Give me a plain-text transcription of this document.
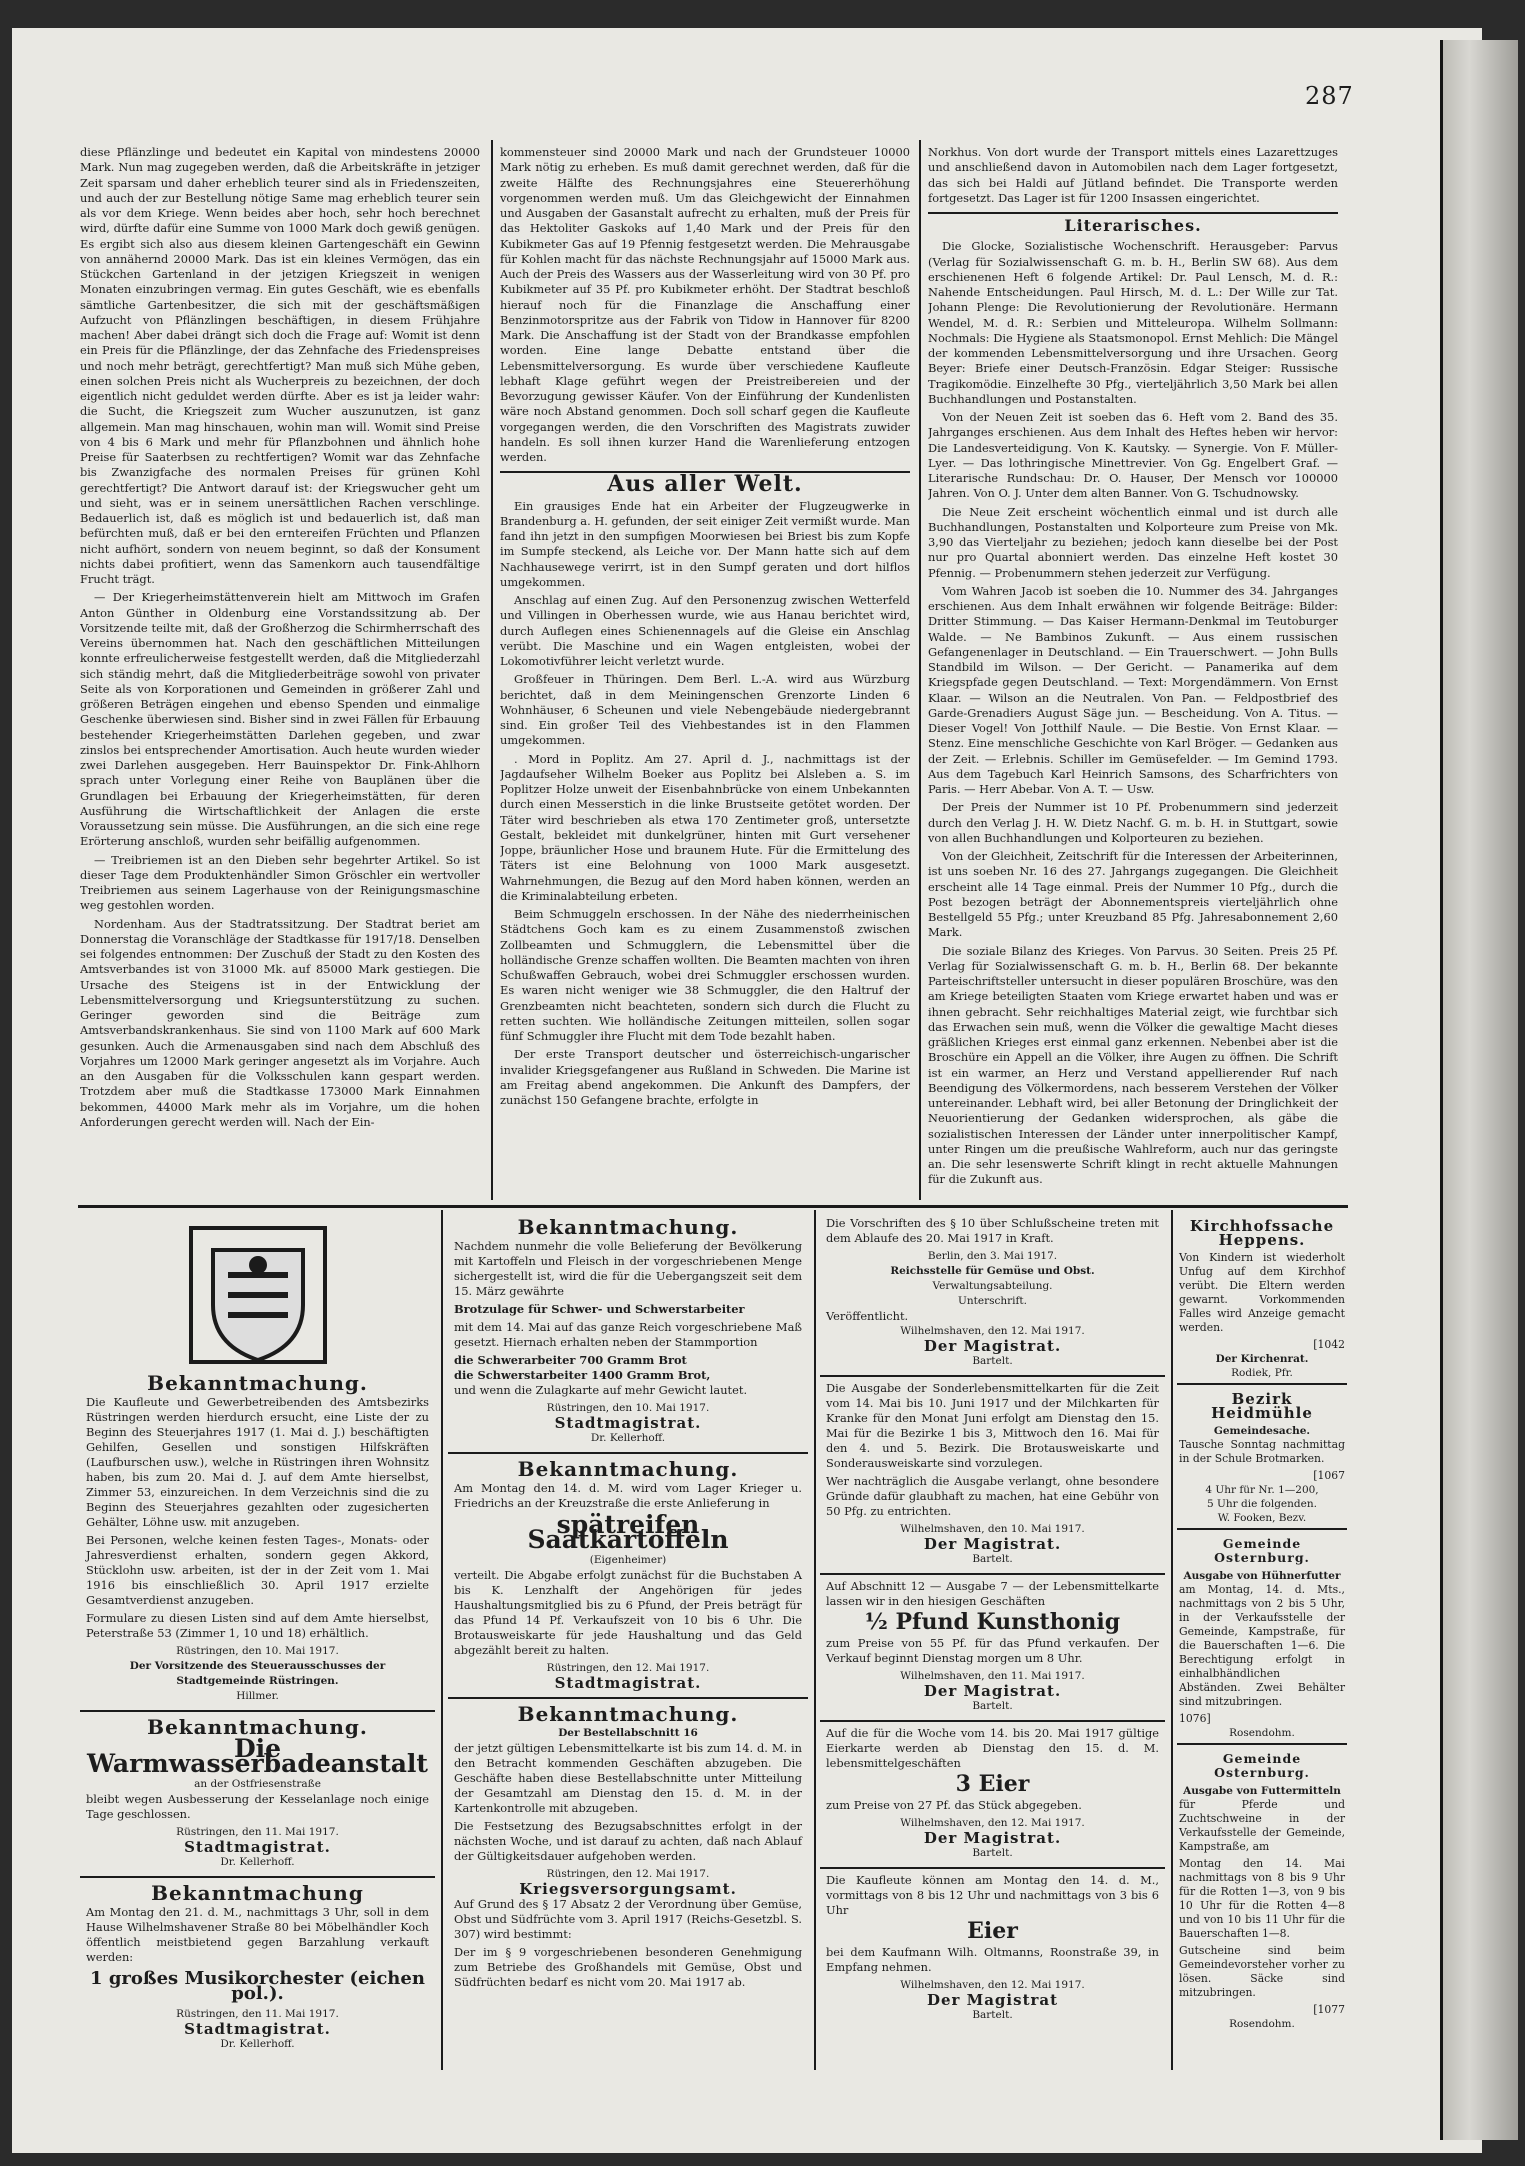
287

diese Pflänzlinge und bedeutet ein Kapital von mindestens 20000 Mark. Nun mag zugegeben werden, daß die Arbeitskräfte in jetziger Zeit sparsam und daher erheblich teurer sind als in Friedenszeiten, und auch der zur Bestellung nötige Same mag erheblich teurer sein als vor dem Kriege. Wenn beides aber hoch, sehr hoch berechnet wird, dürfte dafür eine Summe von 1000 Mark doch gewiß genügen. Es ergibt sich also aus diesem kleinen Gartengeschäft ein Gewinn von annähernd 20000 Mark. Das ist ein kleines Vermögen, das ein Stückchen Gartenland in der jetzigen Kriegszeit in wenigen Monaten einzubringen vermag. Ein gutes Geschäft, wie es ebenfalls sämtliche Gartenbesitzer, die sich mit der geschäftsmäßigen Aufzucht von Pflänzlingen beschäftigen, in diesem Frühjahre machen! Aber dabei drängt sich doch die Frage auf: Womit ist denn ein Preis für die Pflänzlinge, der das Zehnfache des Friedenspreises und noch mehr beträgt, gerechtfertigt? Man muß sich Mühe geben, einen solchen Preis nicht als Wucherpreis zu bezeichnen, der doch eigentlich nicht geduldet werden dürfte. Aber es ist ja leider wahr: die Sucht, die Kriegszeit zum Wucher auszunutzen, ist ganz allgemein. Man mag hinschauen, wohin man will. Womit sind Preise von 4 bis 6 Mark und mehr für Pflanzbohnen und ähnlich hohe Preise für Saaterbsen zu rechtfertigen? Womit war das Zehnfache bis Zwanzigfache des normalen Preises für grünen Kohl gerechtfertigt? Die Antwort darauf ist: der Kriegswucher geht um und sieht, was er in seinem unersättlichen Rachen verschlinge. Bedauerlich ist, daß es möglich ist und bedauerlich ist, daß man befürchten muß, daß er bei den erntereifen Früchten und Pflanzen nicht aufhört, sondern von neuem beginnt, so daß der Konsument nichts dabei profitiert, wenn das Samenkorn auch tausendfältige Frucht trägt.

— Der Kriegerheimstättenverein hielt am Mittwoch im Grafen Anton Günther in Oldenburg eine Vorstandssitzung ab. Der Vorsitzende teilte mit, daß der Großherzog die Schirmherrschaft des Vereins übernommen hat. Nach den geschäftlichen Mitteilungen konnte erfreulicherweise festgestellt werden, daß die Mitgliederzahl sich ständig mehrt, daß die Mitgliederbeiträge sowohl von privater Seite als von Korporationen und Gemeinden in größerer Zahl und größeren Beträgen eingehen und ebenso Spenden und einmalige Geschenke überwiesen sind. Bisher sind in zwei Fällen für Erbauung bestehender Kriegerheimstätten Darlehen gegeben, und zwar zinslos bei entsprechender Amortisation. Auch heute wurden wieder zwei Darlehen ausgegeben. Herr Bauinspektor Dr. Fink-Ahlhorn sprach unter Vorlegung einer Reihe von Bauplänen über die Grundlagen bei Erbauung der Kriegerheimstätten, für deren Ausführung die Wirtschaftlichkeit der Anlagen die erste Voraussetzung sein müsse. Die Ausführungen, an die sich eine rege Erörterung anschloß, wurden sehr beifällig aufgenommen.

— Treibriemen ist an den Dieben sehr begehrter Artikel. So ist dieser Tage dem Produktenhändler Simon Gröschler ein wertvoller Treibriemen aus seinem Lagerhause von der Reinigungsmaschine weg gestohlen worden.

Nordenham. Aus der Stadtratssitzung. Der Stadtrat beriet am Donnerstag die Voranschläge der Stadtkasse für 1917/18. Denselben sei folgendes entnommen: Der Zuschuß der Stadt zu den Kosten des Amtsverbandes ist von 31000 Mk. auf 85000 Mark gestiegen. Die Ursache des Steigens ist in der Entwicklung der Lebensmittelversorgung und Kriegsunterstützung zu suchen. Geringer geworden sind die Beiträge zum Amtsverbandskrankenhaus. Sie sind von 1100 Mark auf 600 Mark gesunken. Auch die Armenausgaben sind nach dem Abschluß des Vorjahres um 12000 Mark geringer angesetzt als im Vorjahre. Auch an den Ausgaben für die Volksschulen kann gespart werden. Trotzdem aber muß die Stadtkasse 173000 Mark Einnahmen bekommen, 44000 Mark mehr als im Vorjahre, um die hohen Anforderungen gerecht werden will. Nach der Ein-

kommensteuer sind 20000 Mark und nach der Grundsteuer 10000 Mark nötig zu erheben. Es muß damit gerechnet werden, daß für die zweite Hälfte des Rechnungsjahres eine Steuererhöhung vorgenommen werden muß. Um das Gleichgewicht der Einnahmen und Ausgaben der Gasanstalt aufrecht zu erhalten, muß der Preis für das Hektoliter Gaskoks auf 1,40 Mark und der Preis für den Kubikmeter Gas auf 19 Pfennig festgesetzt werden. Die Mehrausgabe für Kohlen macht für das nächste Rechnungsjahr auf 15000 Mark aus. Auch der Preis des Wassers aus der Wasserleitung wird von 30 Pf. pro Kubikmeter auf 35 Pf. pro Kubikmeter erhöht. Der Stadtrat beschloß hierauf noch für die Finanzlage die Anschaffung einer Benzinmotorspritze aus der Fabrik von Tidow in Hannover für 8200 Mark. Die Anschaffung ist der Stadt von der Brandkasse empfohlen worden. Eine lange Debatte entstand über die Lebensmittelversorgung. Es wurde über verschiedene Kaufleute lebhaft Klage geführt wegen der Preistreibereien und der Bevorzugung gewisser Käufer. Von der Einführung der Kundenlisten wäre noch Abstand genommen. Doch soll scharf gegen die Kaufleute vorgegangen werden, die den Vorschriften des Magistrats zuwider handeln. Es soll ihnen kurzer Hand die Warenlieferung entzogen werden.

Aus aller Welt.

Ein grausiges Ende hat ein Arbeiter der Flugzeugwerke in Brandenburg a. H. gefunden, der seit einiger Zeit vermißt wurde. Man fand ihn jetzt in den sumpfigen Moorwiesen bei Briest bis zum Kopfe im Sumpfe steckend, als Leiche vor. Der Mann hatte sich auf dem Nachhausewege verirrt, ist in den Sumpf geraten und dort hilflos umgekommen.

Anschlag auf einen Zug. Auf den Personenzug zwischen Wetterfeld und Villingen in Oberhessen wurde, wie aus Hanau berichtet wird, durch Auflegen eines Schienennagels auf die Gleise ein Anschlag verübt. Die Maschine und ein Wagen entgleisten, wobei der Lokomotivführer leicht verletzt wurde.

Großfeuer in Thüringen. Dem Berl. L.-A. wird aus Würzburg berichtet, daß in dem Meiningenschen Grenzorte Linden 6 Wohnhäuser, 6 Scheunen und viele Nebengebäude niedergebrannt sind. Ein großer Teil des Viehbestandes ist in den Flammen umgekommen.

. Mord in Poplitz. Am 27. April d. J., nachmittags ist der Jagdaufseher Wilhelm Boeker aus Poplitz bei Alsleben a. S. im Poplitzer Holze unweit der Eisenbahnbrücke von einem Unbekannten durch einen Messerstich in die linke Brustseite getötet worden. Der Täter wird beschrieben als etwa 170 Zentimeter groß, untersetzte Gestalt, bekleidet mit dunkelgrüner, hinten mit Gurt versehener Joppe, bräunlicher Hose und braunem Hute. Für die Ermittelung des Täters ist eine Belohnung von 1000 Mark ausgesetzt. Wahrnehmungen, die Bezug auf den Mord haben können, werden an die Kriminalabteilung erbeten.

Beim Schmuggeln erschossen. In der Nähe des niederrheinischen Städtchens Goch kam es zu einem Zusammenstoß zwischen Zollbeamten und Schmugglern, die Lebensmittel über die holländische Grenze schaffen wollten. Die Beamten machten von ihren Schußwaffen Gebrauch, wobei drei Schmuggler erschossen wurden. Es waren nicht weniger wie 38 Schmuggler, die den Haltruf der Grenzbeamten nicht beachteten, sondern sich durch die Flucht zu retten suchten. Wie holländische Zeitungen mitteilen, sollen sogar fünf Schmuggler ihre Flucht mit dem Tode bezahlt haben.

Der erste Transport deutscher und österreichisch-ungarischer invalider Kriegsgefangener aus Rußland in Schweden. Die Marine ist am Freitag abend angekommen. Die Ankunft des Dampfers, der zunächst 150 Gefangene brachte, erfolgte in

Norkhus. Von dort wurde der Transport mittels eines Lazarettzuges und anschließend davon in Automobilen nach dem Lager fortgesetzt, das sich bei Haldi auf Jütland befindet. Die Transporte werden fortgesetzt. Das Lager ist für 1200 Insassen eingerichtet.

Literarisches.

Die Glocke, Sozialistische Wochenschrift. Herausgeber: Parvus (Verlag für Sozialwissenschaft G. m. b. H., Berlin SW 68). Aus dem erschienenen Heft 6 folgende Artikel: Dr. Paul Lensch, M. d. R.: Nahende Entscheidungen. Paul Hirsch, M. d. L.: Der Wille zur Tat. Johann Plenge: Die Revolutionierung der Revolutionäre. Hermann Wendel, M. d. R.: Serbien und Mitteleuropa. Wilhelm Sollmann: Nochmals: Die Hygiene als Staatsmonopol. Ernst Mehlich: Die Mängel der kommenden Lebensmittelversorgung und ihre Ursachen. Georg Beyer: Briefe einer Deutsch-Französin. Edgar Steiger: Russische Tragikomödie. Einzelhefte 30 Pfg., vierteljährlich 3,50 Mark bei allen Buchhandlungen und Postanstalten.

Von der Neuen Zeit ist soeben das 6. Heft vom 2. Band des 35. Jahrganges erschienen. Aus dem Inhalt des Heftes heben wir hervor: Die Landesverteidigung. Von K. Kautsky. — Synergie. Von F. Müller-Lyer. — Das lothringische Minettrevier. Von Gg. Engelbert Graf. — Literarische Rundschau: Dr. O. Hauser, Der Mensch vor 100000 Jahren. Von O. J. Unter dem alten Banner. Von G. Tschudnowsky.

Die Neue Zeit erscheint wöchentlich einmal und ist durch alle Buchhandlungen, Postanstalten und Kolporteure zum Preise von Mk. 3,90 das Vierteljahr zu beziehen; jedoch kann dieselbe bei der Post nur pro Quartal abonniert werden. Das einzelne Heft kostet 30 Pfennig. — Probenummern stehen jederzeit zur Verfügung.

Vom Wahren Jacob ist soeben die 10. Nummer des 34. Jahrganges erschienen. Aus dem Inhalt erwähnen wir folgende Beiträge: Bilder: Dritter Stimmung. — Das Kaiser Hermann-Denkmal im Teutoburger Walde. — Ne Bambinos Zukunft. — Aus einem russischen Gefangenenlager in Deutschland. — Ein Trauerschwert. — John Bulls Standbild im Wilson. — Der Gericht. — Panamerika auf dem Kriegspfade gegen Deutschland. — Text: Morgendämmern. Von Ernst Klaar. — Wilson an die Neutralen. Von Pan. — Feldpostbrief des Garde-Grenadiers August Säge jun. — Bescheidung. Von A. Titus. — Dieser Vogel! Von Jotthilf Naule. — Die Bestie. Von Ernst Klaar. — Stenz. Eine menschliche Geschichte von Karl Bröger. — Gedanken aus der Zeit. — Erlebnis. Schiller im Gemüsefelder. — Im Gemind 1793. Aus dem Tagebuch Karl Heinrich Samsons, des Scharfrichters von Paris. — Herr Abebar. Von A. T. — Usw.

Der Preis der Nummer ist 10 Pf. Probenummern sind jederzeit durch den Verlag J. H. W. Dietz Nachf. G. m. b. H. in Stuttgart, sowie von allen Buchhandlungen und Kolporteuren zu beziehen.

Von der Gleichheit, Zeitschrift für die Interessen der Arbeiterinnen, ist uns soeben Nr. 16 des 27. Jahrgangs zugegangen. Die Gleichheit erscheint alle 14 Tage einmal. Preis der Nummer 10 Pfg., durch die Post bezogen beträgt der Abonnementspreis vierteljährlich ohne Bestellgeld 55 Pfg.; unter Kreuzband 85 Pfg. Jahresabonnement 2,60 Mark.

Die soziale Bilanz des Krieges. Von Parvus. 30 Seiten. Preis 25 Pf. Verlag für Sozialwissenschaft G. m. b. H., Berlin 68. Der bekannte Parteischriftsteller untersucht in dieser populären Broschüre, was den am Kriege beteiligten Staaten vom Kriege erwartet haben und was er ihnen gebracht. Sehr reichhaltiges Material zeigt, wie furchtbar sich das Erwachen sein muß, wenn die Völker die gewaltige Macht dieses gräßlichen Krieges erst einmal ganz erkennen. Nebenbei aber ist die Broschüre ein Appell an die Völker, ihre Augen zu öffnen. Die Schrift ist ein warmer, an Herz und Verstand appellierender Ruf nach Beendigung des Völkermordens, nach besserem Verstehen der Völker untereinander. Lebhaft wird, bei aller Betonung der Dringlichkeit der Neuorientierung der Gedanken widersprochen, als gäbe die sozialistischen Interessen der Länder unter innerpolitischer Kampf, unter Ringen um die preußische Wahlreform, auch nur das geringste an. Die sehr lesenswerte Schrift klingt in recht aktuelle Mahnungen für die Zukunft aus.

Bekanntmachung.

Die Kaufleute und Gewerbetreibenden des Amtsbezirks Rüstringen werden hierdurch ersucht, eine Liste der zu Beginn des Steuerjahres 1917 (1. Mai d. J.) beschäftigten Gehilfen, Gesellen und sonstigen Hilfskräften (Laufburschen usw.), welche in Rüstringen ihren Wohnsitz haben, bis zum 20. Mai d. J. auf dem Amte hierselbst, Zimmer 53, einzureichen. In dem Verzeichnis sind die zu Beginn des Steuerjahres gezahlten oder zugesicherten Gehälter, Löhne usw. mit anzugeben.

Bei Personen, welche keinen festen Tages-, Monats- oder Jahresverdienst erhalten, sondern gegen Akkord, Stücklohn usw. arbeiten, ist der in der Zeit vom 1. Mai 1916 bis einschließlich 30. April 1917 erzielte Gesamtverdienst anzugeben.

Formulare zu diesen Listen sind auf dem Amte hierselbst, Peterstraße 53 (Zimmer 1, 10 und 18) erhältlich.

Rüstringen, den 10. Mai 1917.
Der Vorsitzende des Steuerausschusses der Stadtgemeinde Rüstringen.
Hillmer.
Bekanntmachung.
Die Warmwasserbadeanstalt
an der Ostfriesenstraße

bleibt wegen Ausbesserung der Kesselanlage noch einige Tage geschlossen.

Rüstringen, den 11. Mai 1917.
Stadtmagistrat.
Dr. Kellerhoff.
Bekanntmachung

Am Montag den 21. d. M., nachmittags 3 Uhr, soll in dem Hause Wilhelmshavener Straße 80 bei Möbelhändler Koch öffentlich meistbietend gegen Barzahlung verkauft werden:

1 großes Musikorchester (eichen pol.).
Rüstringen, den 11. Mai 1917.
Stadtmagistrat.
Dr. Kellerhoff.
Bekanntmachung.

Nachdem nunmehr die volle Belieferung der Bevölkerung mit Kartoffeln und Fleisch in der vorgeschriebenen Menge sichergestellt ist, wird die für die Uebergangszeit seit dem 15. März gewährte

Brotzulage für Schwer- und Schwerstarbeiter

mit dem 14. Mai auf das ganze Reich vorgeschriebene Maß gesetzt. Hiernach erhalten neben der Stammportion

die Schwerarbeiter 700 Gramm Brot
die Schwerstarbeiter 1400 Gramm Brot,

und wenn die Zulagkarte auf mehr Gewicht lautet.

Rüstringen, den 10. Mai 1917.
Stadtmagistrat.
Dr. Kellerhoff.
Bekanntmachung.

Am Montag den 14. d. M. wird vom Lager Krieger u. Friedrichs an der Kreuzstraße die erste Anlieferung in

spätreifen Saatkartoffeln
(Eigenheimer)

verteilt. Die Abgabe erfolgt zunächst für die Buchstaben A bis K. Lenzhalft der Angehörigen für jedes Haushaltungsmitglied bis zu 6 Pfund, der Preis beträgt für das Pfund 14 Pf. Verkaufszeit von 10 bis 6 Uhr. Die Brotausweiskarte für jede Haushaltung und das Geld abgezählt bereit zu halten.

Rüstringen, den 12. Mai 1917.
Stadtmagistrat.
Bekanntmachung.
Der Bestellabschnitt 16

der jetzt gültigen Lebensmittelkarte ist bis zum 14. d. M. in den Betracht kommenden Geschäften abzugeben. Die Geschäfte haben diese Bestellabschnitte unter Mitteilung der Gesamtzahl am Dienstag den 15. d. M. in der Kartenkontrolle mit abzugeben.

Die Festsetzung des Bezugsabschnittes erfolgt in der nächsten Woche, und ist darauf zu achten, daß nach Ablauf der Gültigkeitsdauer aufgehoben werden.

Rüstringen, den 12. Mai 1917.
Kriegsversorgungsamt.

Auf Grund des § 17 Absatz 2 der Verordnung über Gemüse, Obst und Südfrüchte vom 3. April 1917 (Reichs-Gesetzbl. S. 307) wird bestimmt:

Der im § 9 vorgeschriebenen besonderen Genehmigung zum Betriebe des Großhandels mit Gemüse, Obst und Südfrüchten bedarf es nicht vom 20. Mai 1917 ab.

Die Vorschriften des § 10 über Schlußscheine treten mit dem Ablaufe des 20. Mai 1917 in Kraft.

Berlin, den 3. Mai 1917.
Reichsstelle für Gemüse und Obst.
Verwaltungsabteilung.
Unterschrift.
Veröffentlicht.
Wilhelmshaven, den 12. Mai 1917.
Der Magistrat.
Bartelt.

Die Ausgabe der Sonderlebensmittelkarten für die Zeit vom 14. Mai bis 10. Juni 1917 und der Milchkarten für Kranke für den Monat Juni erfolgt am Dienstag den 15. Mai für die Bezirke 1 bis 3, Mittwoch den 16. Mai für den 4. und 5. Bezirk. Die Brotausweiskarte und Sonderausweiskarte sind vorzulegen.

Wer nachträglich die Ausgabe verlangt, ohne besondere Gründe dafür glaubhaft zu machen, hat eine Gebühr von 50 Pfg. zu entrichten.

Wilhelmshaven, den 10. Mai 1917.
Der Magistrat.
Bartelt.

Auf Abschnitt 12 — Ausgabe 7 — der Lebensmittelkarte lassen wir in den hiesigen Geschäften

½ Pfund Kunsthonig

zum Preise von 55 Pf. für das Pfund verkaufen. Der Verkauf beginnt Dienstag morgen um 8 Uhr.

Wilhelmshaven, den 11. Mai 1917.
Der Magistrat.
Bartelt.

Auf die für die Woche vom 14. bis 20. Mai 1917 gültige Eierkarte werden ab Dienstag den 15. d. M. lebensmittelgeschäften

3 Eier

zum Preise von 27 Pf. das Stück abgegeben.

Wilhelmshaven, den 12. Mai 1917.
Der Magistrat.
Bartelt.

Die Kaufleute können am Montag den 14. d. M., vormittags von 8 bis 12 Uhr und nachmittags von 3 bis 6 Uhr

Eier

bei dem Kaufmann Wilh. Oltmanns, Roonstraße 39, in Empfang nehmen.

Wilhelmshaven, den 12. Mai 1917.
Der Magistrat
Bartelt.
Kirchhofssache Heppens.

Von Kindern ist wiederholt Unfug auf dem Kirchhof verübt. Die Eltern werden gewarnt. Vorkommenden Falles wird Anzeige gemacht werden.

[1042
Der Kirchenrat.
Rodiek, Pfr.
Bezirk Heidmühle
Gemeindesache.

Tausche Sonntag nachmittag in der Schule Brotmarken.

[1067
4 Uhr für Nr. 1—200,
5 Uhr die folgenden.
W. Fooken, Bezv.
Gemeinde Osternburg.
Ausgabe von Hühnerfutter

am Montag, 14. d. Mts., nachmittags von 2 bis 5 Uhr, in der Verkaufsstelle der Gemeinde, Kampstraße, für die Bauerschaften 1—6. Die Berechtigung erfolgt in einhalbhändlichen Abständen. Zwei Behälter sind mitzubringen.

1076]
Rosendohm.
Gemeinde Osternburg.
Ausgabe von Futtermitteln

für Pferde und Zuchtschweine in der Verkaufsstelle der Gemeinde, Kampstraße, am

Montag den 14. Mai nachmittags von 8 bis 9 Uhr für die Rotten 1—3, von 9 bis 10 Uhr für die Rotten 4—8 und von 10 bis 11 Uhr für die Bauerschaften 1—8.

Gutscheine sind beim Gemeindevorsteher vorher zu lösen. Säcke sind mitzubringen.

[1077
Rosendohm.
